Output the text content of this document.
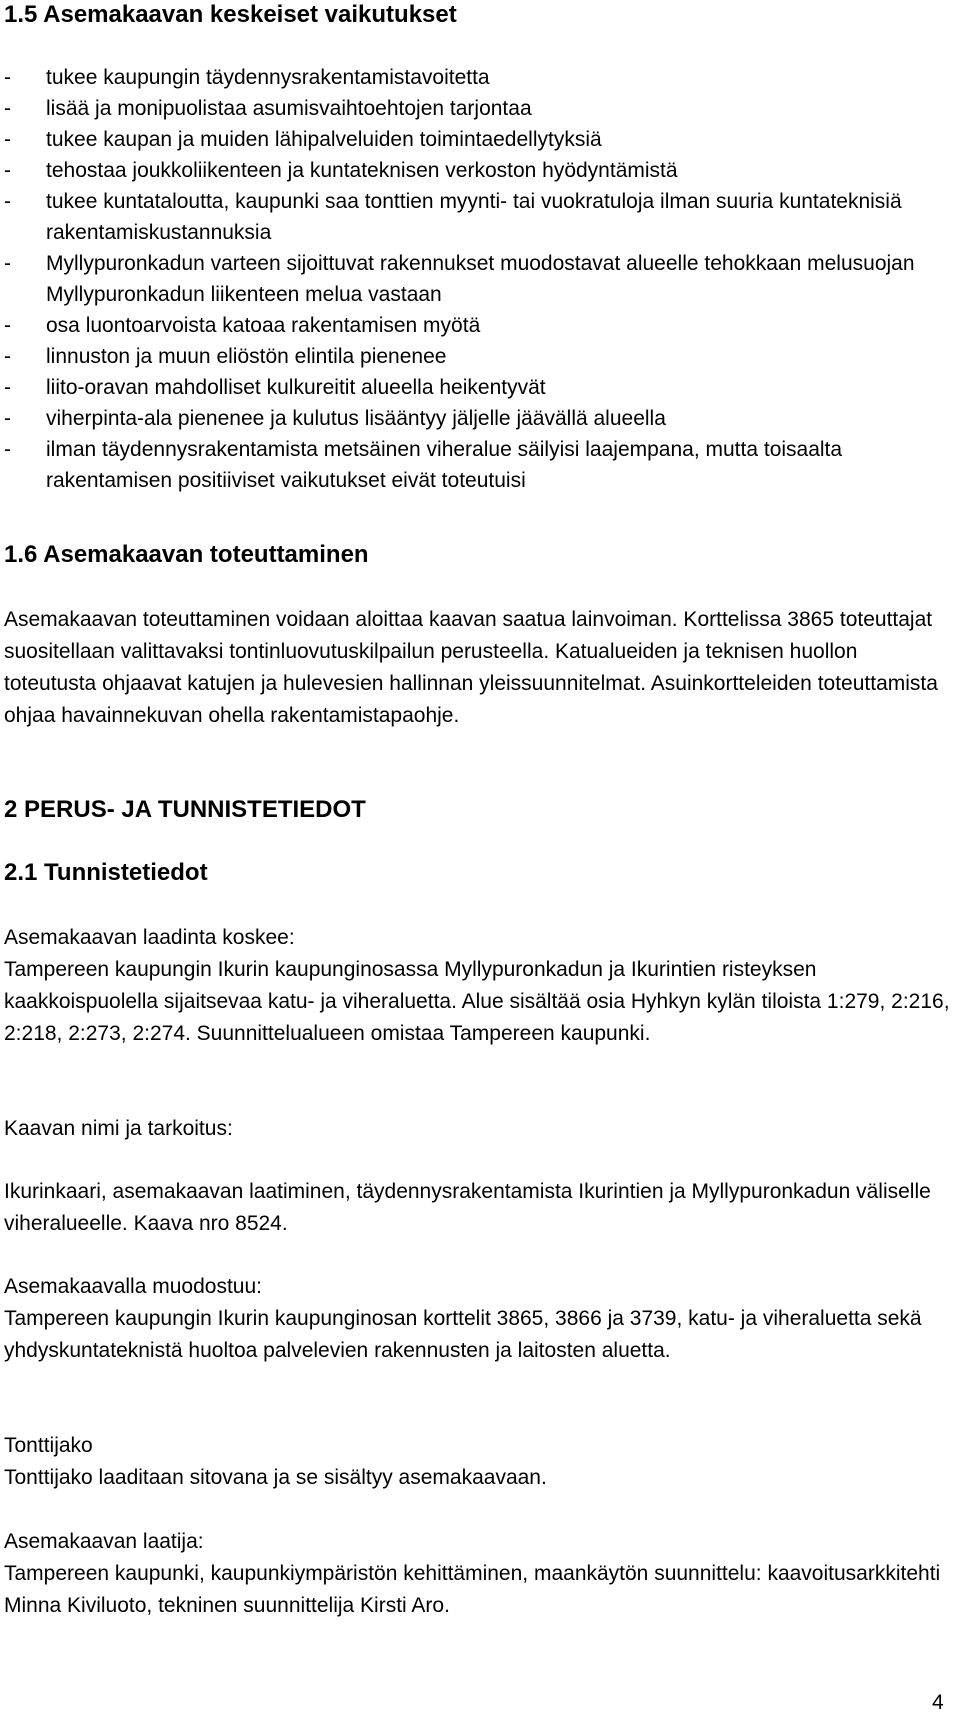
1.5 Asemakaavan keskeiset vaikutukset
- tukee kaupungin täydennysrakentamistavoitetta
- lisää ja monipuolistaa asumisvaihtoehtojen tarjontaa
- tukee kaupan ja muiden lähipalveluiden toimintaedellytyksiä
- tehostaa joukkoliikenteen ja kuntateknisen verkoston hyödyntämistä
- tukee kuntataloutta, kaupunki saa tonttien myynti- tai vuokratuloja ilman suuria kuntateknisiä rakentamiskustannuksia
- Myllypuronkadun varteen sijoittuvat rakennukset muodostavat alueelle tehokkaan melusuojan Myllypuronkadun liikenteen melua vastaan
- osa luontoarvoista katoaa rakentamisen myötä
- linnuston ja muun eliöstön elintila pienenee
- liito-oravan mahdolliset kulkureitit alueella heikentyvät
- viherpinta-ala pienenee ja kulutus lisääntyy jäljelle jäävällä alueella
- ilman täydennysrakentamista metsäinen viheralue säilyisi laajempana, mutta toisaalta rakentamisen positiiviset vaikutukset eivät toteutuisi
1.6 Asemakaavan toteuttaminen

Asemakaavan toteuttaminen voidaan aloittaa kaavan saatua lainvoiman. Korttelissa 3865 toteuttajat suositellaan valittavaksi tontinluovutuskilpailun perusteella. Katualueiden ja teknisen huollon toteutusta ohjaavat katujen ja hulevesien hallinnan yleissuunnitelmat. Asuinkortteleiden toteuttamista ohjaa havainnekuvan ohella rakentamistapaohje.

2 PERUS- JA TUNNISTETIEDOT
2.1 Tunnistetiedot

Asemakaavan laadinta koskee:

Tampereen kaupungin Ikurin kaupunginosassa Myllypuronkadun ja Ikurintien risteyksen kaakkoispuolella sijaitsevaa katu- ja viheraluetta. Alue sisältää osia Hyhkyn kylän tiloista 1:279, 2:216, 2:218, 2:273, 2:274. Suunnittelualueen omistaa Tampereen kaupunki.

Kaavan nimi ja tarkoitus:

Ikurinkaari, asemakaavan laatiminen, täydennysrakentamista Ikurintien ja Myllypuronkadun väliselle viheralueelle. Kaava nro 8524.

Asemakaavalla muodostuu:

Tampereen kaupungin Ikurin kaupunginosan korttelit 3865, 3866 ja 3739, katu- ja viheraluetta sekä yhdyskuntateknistä huoltoa palvelevien rakennusten ja laitosten aluetta.

Tonttijako

Tonttijako laaditaan sitovana ja se sisältyy asemakaavaan.

Asemakaavan laatija:

Tampereen kaupunki, kaupunkiympäristön kehittäminen, maankäytön suunnittelu: kaavoitusarkkitehti Minna Kiviluoto, tekninen suunnittelija Kirsti Aro.

4
